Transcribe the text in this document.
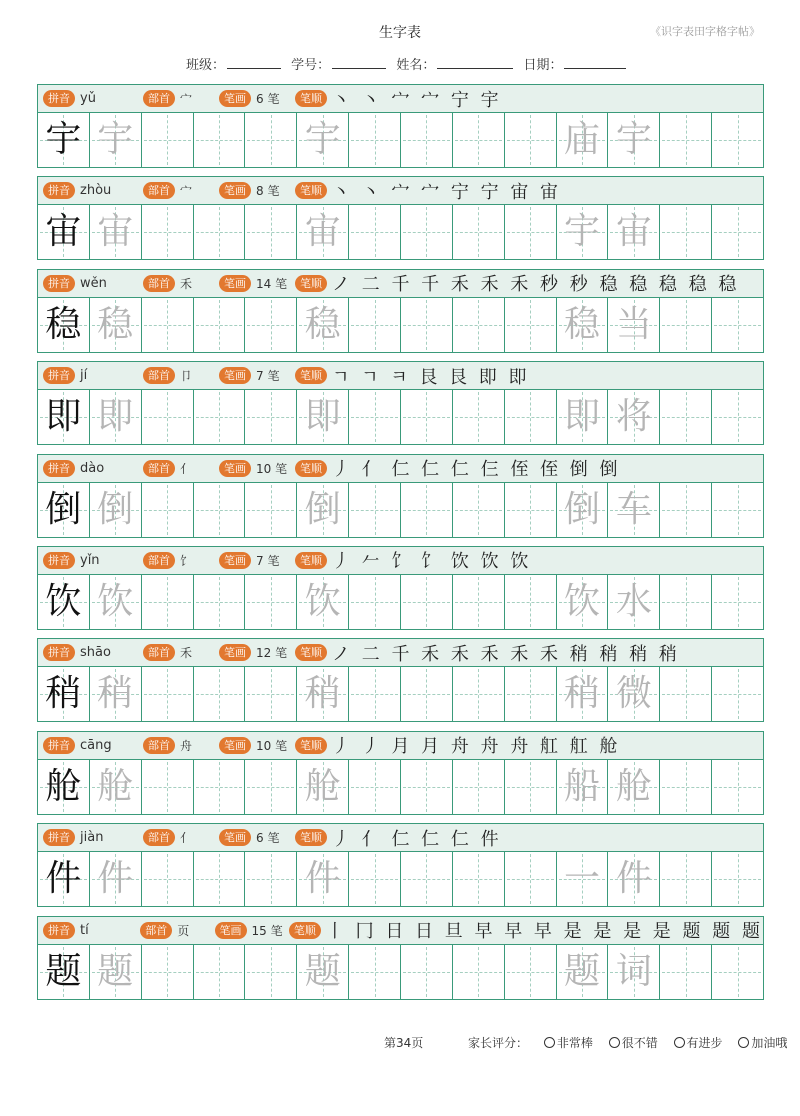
生字表	《识字表田字格字帖》
班级：	学号：	姓名：	日期：
拼音 yǔ	部首 宀	笔画 6 笔	笔顺 丶 丶 宀 宀 宁 宇
宇 宇	宇	庙 宇
拼音 zhòu	部首 宀	笔画 8 笔	笔顺 丶 丶 宀 宀 宁 宁 宙 宙
宙 宙	宙	宇 宙
拼音 wěn	部首 禾	笔画 14 笔	笔顺 ノ 二 千 千 禾 禾 禾 秒 秒 稳 稳 稳 稳 稳
稳 稳	稳	稳 当
拼音 jí	部首 卩	笔画 7 笔	笔顺 ㄱ ㄱ ㅋ 艮 艮 即 即
即 即	即	即 将
拼音 dào	部首 亻	笔画 10 笔	笔顺 丿 亻 仁 仁 仁 仨 侄 侄 倒 倒
倒 倒	倒	倒 车
拼音 yǐn	部首 饣	笔画 7 笔	笔顺 丿 𠂉 饣 饣 饮 饮 饮
饮 饮	饮	饮 水
拼音 shāo	部首 禾	笔画 12 笔	笔顺 ノ 二 千 禾 禾 禾 禾 禾 稍 稍 稍 稍
稍 稍	稍	稍 微
拼音 cāng	部首 舟	笔画 10 笔	笔顺 丿 丿 月 月 舟 舟 舟 舡 舡 舱
舱 舱	舱	船 舱
拼音 jiàn	部首 亻	笔画 6 笔	笔顺 丿 亻 仁 仁 仁 件
件 件	件	一 件
拼音 tí	部首 页	笔画 15 笔	笔顺 丨 冂 日 日 旦 早 早 早 是 是 是 是 题 题 题
题 题	题	题 词
第34页	家长评分： 非常棒 很不错 有进步 加油哦
